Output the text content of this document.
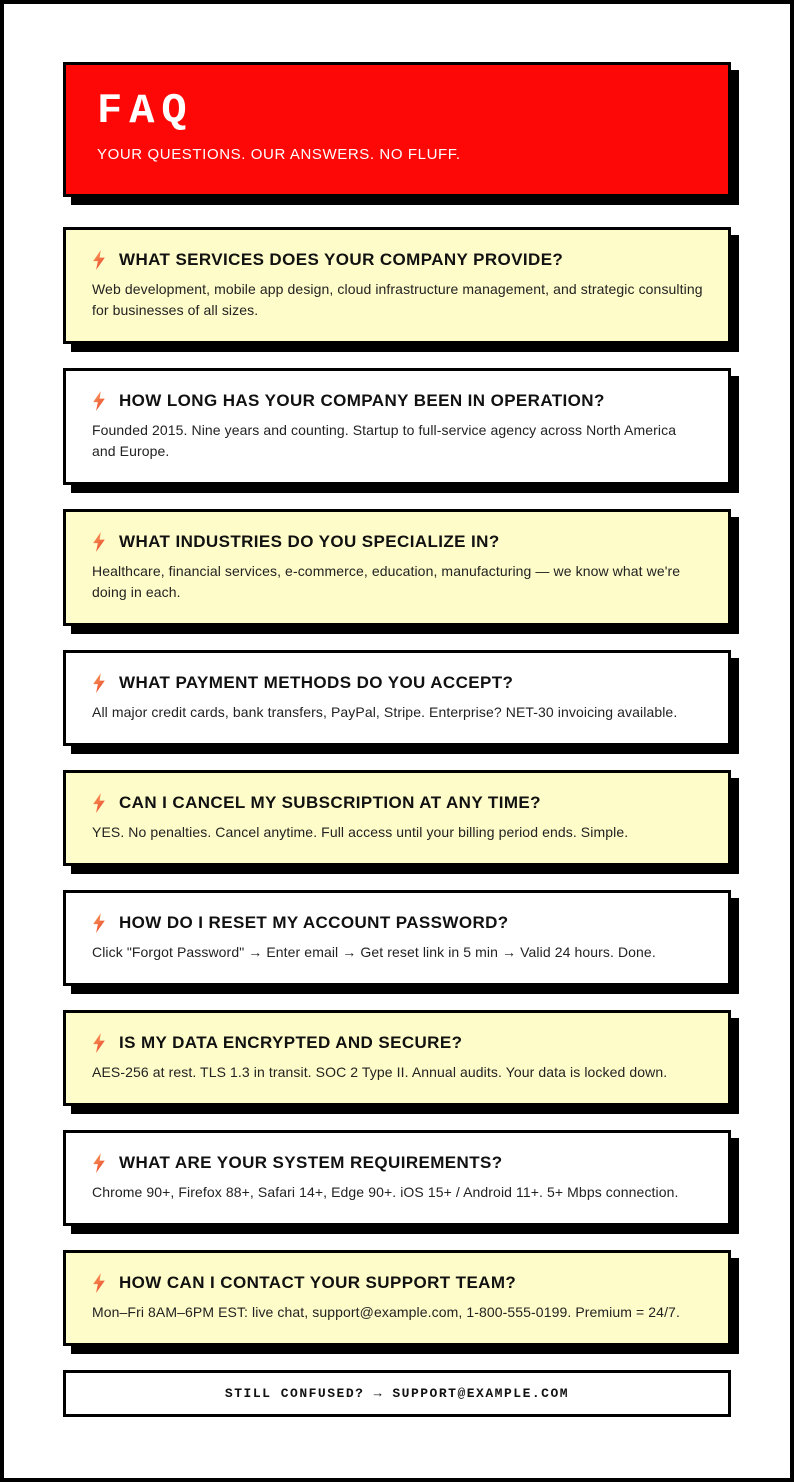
FAQ
YOUR QUESTIONS. OUR ANSWERS. NO FLUFF.
WHAT SERVICES DOES YOUR COMPANY PROVIDE?

Web development, mobile app design, cloud infrastructure management, and strategic consulting for businesses of all sizes.

HOW LONG HAS YOUR COMPANY BEEN IN OPERATION?

Founded 2015. Nine years and counting. Startup to full-service agency across North America and Europe.

WHAT INDUSTRIES DO YOU SPECIALIZE IN?

Healthcare, financial services, e-commerce, education, manufacturing — we know what we're doing in each.

WHAT PAYMENT METHODS DO YOU ACCEPT?

All major credit cards, bank transfers, PayPal, Stripe. Enterprise? NET-30 invoicing available.

CAN I CANCEL MY SUBSCRIPTION AT ANY TIME?

YES. No penalties. Cancel anytime. Full access until your billing period ends. Simple.

HOW DO I RESET MY ACCOUNT PASSWORD?

Click "Forgot Password" → Enter email → Get reset link in 5 min → Valid 24 hours. Done.

IS MY DATA ENCRYPTED AND SECURE?

AES-256 at rest. TLS 1.3 in transit. SOC 2 Type II. Annual audits. Your data is locked down.

WHAT ARE YOUR SYSTEM REQUIREMENTS?

Chrome 90+, Firefox 88+, Safari 14+, Edge 90+. iOS 15+ / Android 11+. 5+ Mbps connection.

HOW CAN I CONTACT YOUR SUPPORT TEAM?

Mon–Fri 8AM–6PM EST: live chat, support@example.com, 1-800-555-0199. Premium = 24/7.

STILL CONFUSED? → SUPPORT@EXAMPLE.COM
